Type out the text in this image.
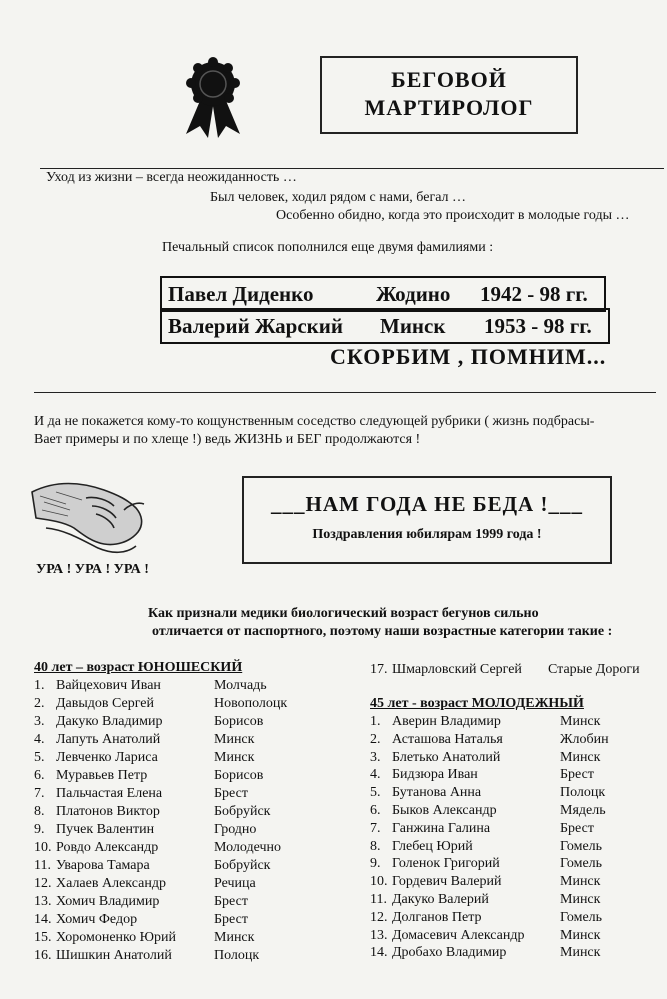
БЕГОВОЙ
МАРТИРОЛОГ
Уход из жизни – всегда неожиданность …
Был человек, ходил рядом с нами, бегал …
Особенно обидно, когда это происходит в молодые годы …
Печальный список пополнился еще двумя фамилиями :
Павел Диденко	Жодино 1942 - 98 гг.
Валерий Жарский Минск 1953 - 98 гг.
СКОРБИМ , ПОМНИМ...
И да не покажется кому-то кощунственным соседство следующей рубрики ( жизнь подбрасы-
Вает примеры и по хлеще !) ведь ЖИЗНЬ и БЕГ продолжаются !
УРА ! УРА ! УРА !
___НАМ ГОДА НЕ БЕДА !___
Поздравления юбилярам 1999 года !
Как признали медики биологический возраст бегунов сильно
отличается от паспортного, поэтому наши возрастные категории такие :
40 лет – возраст ЮНОШЕСКИЙ
1. Вайцехович Иван	Молчадь
2. Давыдов Сергей	Новополоцк
3. Дакуко Владимир	Борисов
4. Лапуть Анатолий	Минск
5. Левченко Лариса	Минск
6. Муравьев Петр	Борисов
7. Пальчастая Елена	Брест
8. Платонов Виктор	Бобруйск
9. Пучек Валентин	Гродно
10. Ровдо Александр	Молодечно
11. Уварова Тамара	Бобруйск
12. Халаев Александр	Речица
13. Хомич Владимир	Брест
14. Хомич Федор	Брест
15. Хоромоненко Юрий	Минск
16. Шишкин Анатолий	Полоцк
17. Шмарловский Сергей Старые Дороги
45 лет - возраст МОЛОДЕЖНЫЙ
1. Аверин Владимир	Минск
2. Асташова Наталья	Жлобин
3. Блетько Анатолий	Минск
4. Бидзюра Иван	Брест
5. Бутанова Анна	Полоцк
6. Быков Александр	Мядель
7. Ганжина Галина	Брест
8. Глебец Юрий	Гомель
9. Голенок Григорий	Гомель
10. Гордевич Валерий	Минск
11. Дакуко Валерий	Минск
12. Долганов Петр	Гомель
13. Домасевич Александр	Минск
14. Дробахо Владимир	Минск
